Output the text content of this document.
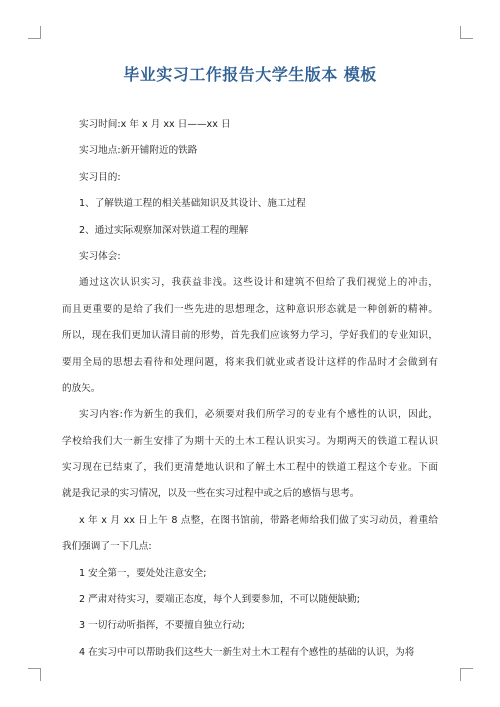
毕业实习工作报告大学生版本 模板
实习时间:x 年 x 月 xx 日——xx 日
实习地点:新开铺附近的铁路
实习目的:
1、了解铁道工程的相关基础知识及其设计、施工过程
2、通过实际观察加深对铁道工程的理解
实习体会:
通过这次认识实习，我获益非浅。这些设计和建筑不但给了我们视觉上的冲击，
而且更重要的是给了我们一些先进的思想理念，这种意识形态就是一种创新的精神。
所以，现在我们更加认清目前的形势，首先我们应该努力学习，学好我们的专业知识，
要用全局的思想去看待和处理问题，将来我们就业或者设计这样的作品时才会做到有
的放矢。
实习内容:作为新生的我们，必须要对我们所学习的专业有个感性的认识，因此，
学校给我们大一新生安排了为期十天的土木工程认识实习。为期两天的铁道工程认识
实习现在已结束了，我们更清楚地认识和了解土木工程中的铁道工程这个专业。下面
就是我记录的实习情况，以及一些在实习过程中或之后的感悟与思考。
x 年 x 月 xx 日上午 8 点整，在图书馆前，带路老师给我们做了实习动员，着重给
我们强调了一下几点:
1 安全第一，要处处注意安全;
2 严肃对待实习，要端正态度，每个人到要参加，不可以随便缺勤;
3 一切行动听指挥，不要擅自独立行动;
4 在实习中可以帮助我们这些大一新生对土木工程有个感性的基础的认识，为将
